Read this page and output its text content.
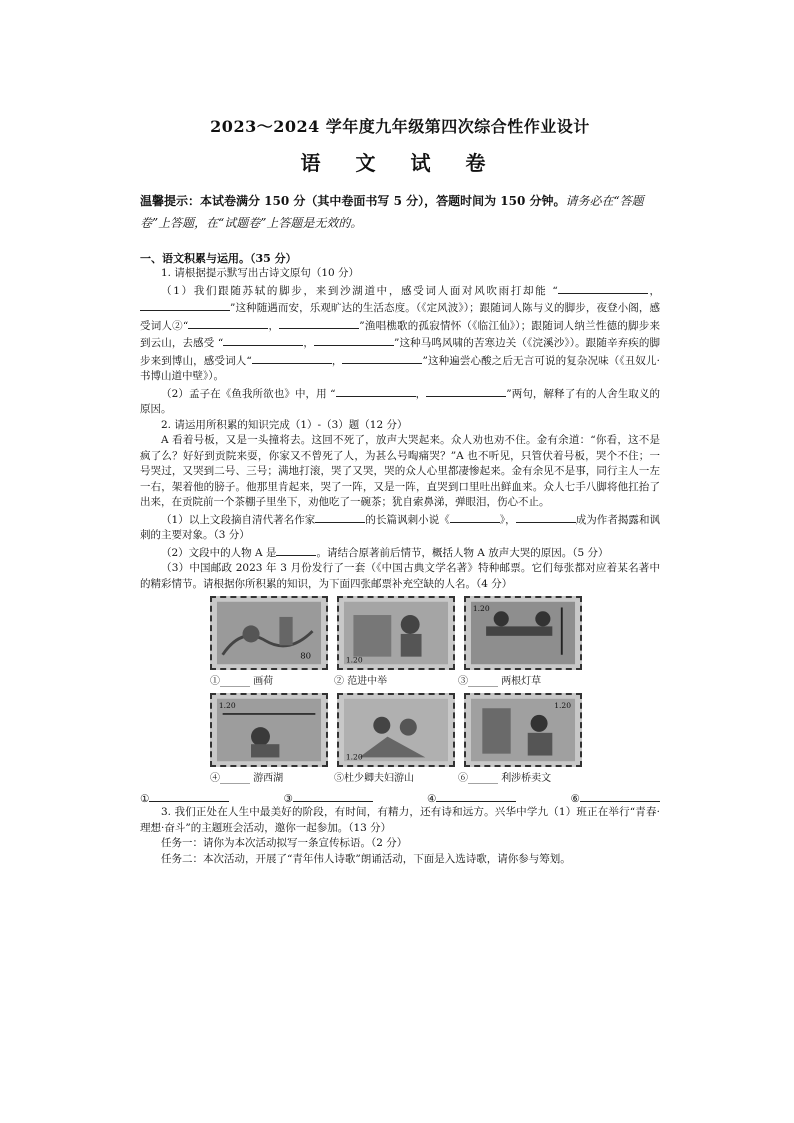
2023～2024 学年度九年级第四次综合性作业设计
语 文 试 卷
温馨提示：本试卷满分 150 分（其中卷面书写 5 分），答题时间为 150 分钟。请务必在“答题卷”上答题，在“试题卷”上答题是无效的。
一、语文积累与运用。（35 分）
1. 请根据提示默写出古诗文原句（10 分）
（1）我们跟随苏轼的脚步，来到沙湖道中，感受词人面对风吹雨打却能 “	，”这种随遇而安，乐观旷达的生活态度。（《定风波》）；跟随词人陈与义的脚步，夜登小阁，感受词人②“	，	”渔唱樵歌的孤寂情怀（《临江仙》）；跟随词人纳兰性德的脚步来到云山，去感受 “	，	”这种马鸣风啸的苦寒边关（《浣溪沙》）。跟随辛弃疾的脚步来到博山，感受词人“	，	”这种遍尝心酸之后无言可说的复杂况味（《丑奴儿·书博山道中壁》）。
（2）孟子在《鱼我所欲也》中，用 “	，	”两句，解释了有的人舍生取义的原因。
2. 请运用所积累的知识完成（1）-（3）题（12 分）
A 看着号板，又是一头撞将去。这回不死了，放声大哭起来。众人劝也劝不住。金有余道：“你看，这不是疯了么？好好到贡院来耍，你家又不曾死了人，为甚么号啕痛哭？”A 也不听见，只管伏着号板，哭个不住；一号哭过，又哭到二号、三号；满地打滚，哭了又哭，哭的众人心里都凄惨起来。金有余见不是事，同行主人一左一右，架着他的膀子。他那里肯起来，哭了一阵，又是一阵，直哭到口里吐出鲜血来。众人七手八脚将他扛抬了出来，在贡院前一个茶棚子里坐下，劝他吃了一碗茶；犹自索鼻涕，弹眼泪，伤心不止。
（1）以上文段摘自清代著名作家	的长篇讽刺小说《	》，	成为作者揭露和讽刺的主要对象。（3 分）
（2）文段中的人物 A 是	。请结合原著前后情节，概括人物 A 放声大哭的原因。（5 分）
（3）中国邮政 2023 年 3 月份发行了一套（《中国古典文学名著》特种邮票。它们每张都对应着某名著中的精彩情节。请根据你所积累的知识，为下面四张邮票补充空缺的人名。（4 分）
80	1.20
1.20
①______ 画荷	② 范进中举	③______ 两根灯草
1.20
1.20
1.20
④______ 游西湖	⑤杜少卿夫妇游山	⑥______ 利涉桥卖文
①	③	④	⑥
3. 我们正处在人生中最美好的阶段，有时间，有精力，还有诗和远方。兴华中学九（1）班正在举行“青春·理想·奋斗”的主题班会活动，邀你一起参加。（13 分）
任务一：请你为本次活动拟写一条宣传标语。（2 分）
任务二：本次活动，开展了“青年伟人诗歌”朗诵活动，下面是入选诗歌，请你参与筹划。
